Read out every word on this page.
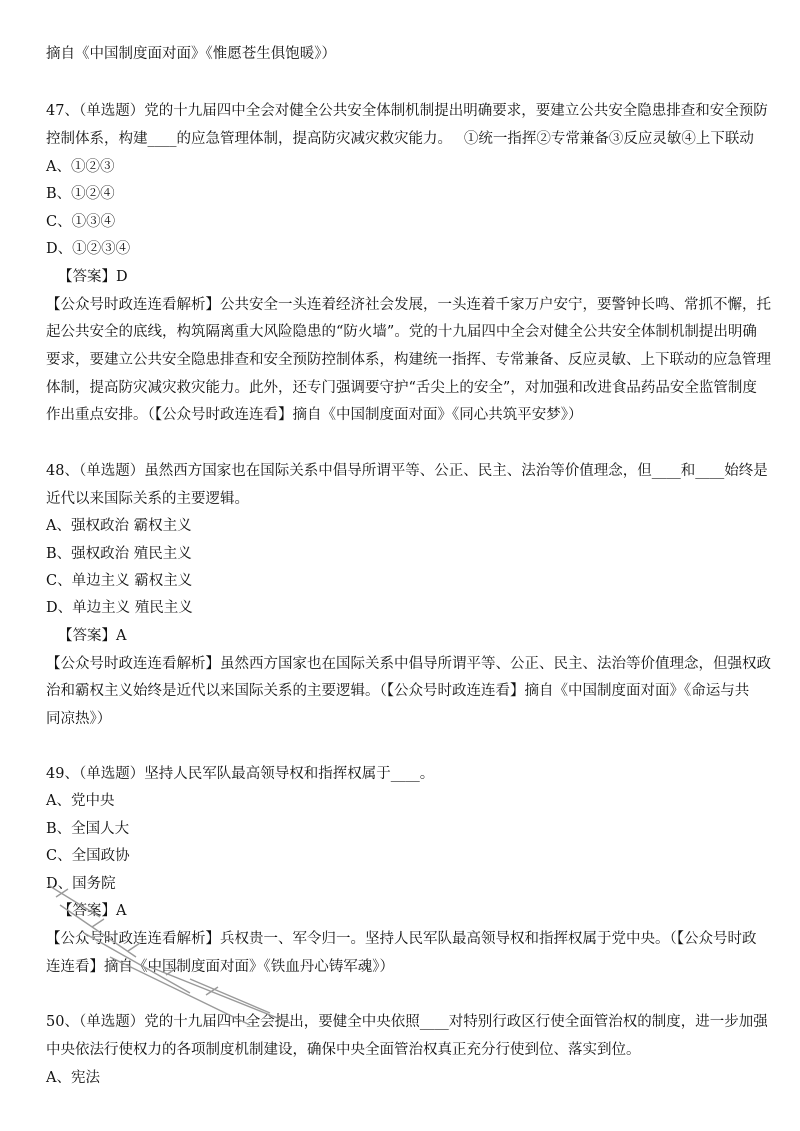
摘自《中国制度面对面》《惟愿苍生俱饱暖》）
47、（单选题）党的十九届四中全会对健全公共安全体制机制提出明确要求，要建立公共安全隐患排查和安全预防
控制体系，构建____的应急管理体制，提高防灾减灾救灾能力。　 ①统一指挥②专常兼备③反应灵敏④上下联动
A、①②③
B、①②④
C、①③④
D、①②③④
【答案】D
【公众号时政连连看解析】公共安全一头连着经济社会发展，一头连着千家万户安宁，要警钟长鸣、常抓不懈，托
起公共安全的底线，构筑隔离重大风险隐患的“防火墙”。党的十九届四中全会对健全公共安全体制机制提出明确
要求，要建立公共安全隐患排查和安全预防控制体系，构建统一指挥、专常兼备、反应灵敏、上下联动的应急管理
体制，提高防灾减灾救灾能力。此外，还专门强调要守护“舌尖上的安全”，对加强和改进食品药品安全监管制度
作出重点安排。（【公众号时政连连看】摘自《中国制度面对面》《同心共筑平安梦》）
48、（单选题）虽然西方国家也在国际关系中倡导所谓平等、公正、民主、法治等价值理念，但____和____始终是
近代以来国际关系的主要逻辑。
A、强权政治 霸权主义
B、强权政治 殖民主义
C、单边主义 霸权主义
D、单边主义 殖民主义
【答案】A
【公众号时政连连看解析】虽然西方国家也在国际关系中倡导所谓平等、公正、民主、法治等价值理念，但强权政
治和霸权主义始终是近代以来国际关系的主要逻辑。（【公众号时政连连看】摘自《中国制度面对面》《命运与共
同凉热》）
49、（单选题）坚持人民军队最高领导权和指挥权属于____。
A、党中央
B、全国人大
C、全国政协
D、国务院
【答案】A
【公众号时政连连看解析】兵权贵一、军令归一。坚持人民军队最高领导权和指挥权属于党中央。（【公众号时政
连连看】摘自《中国制度面对面》《铁血丹心铸军魂》）
50、（单选题）党的十九届四中全会提出，要健全中央依照____对特别行政区行使全面管治权的制度，进一步加强
中央依法行使权力的各项制度机制建设，确保中央全面管治权真正充分行使到位、落实到位。
A、宪法
